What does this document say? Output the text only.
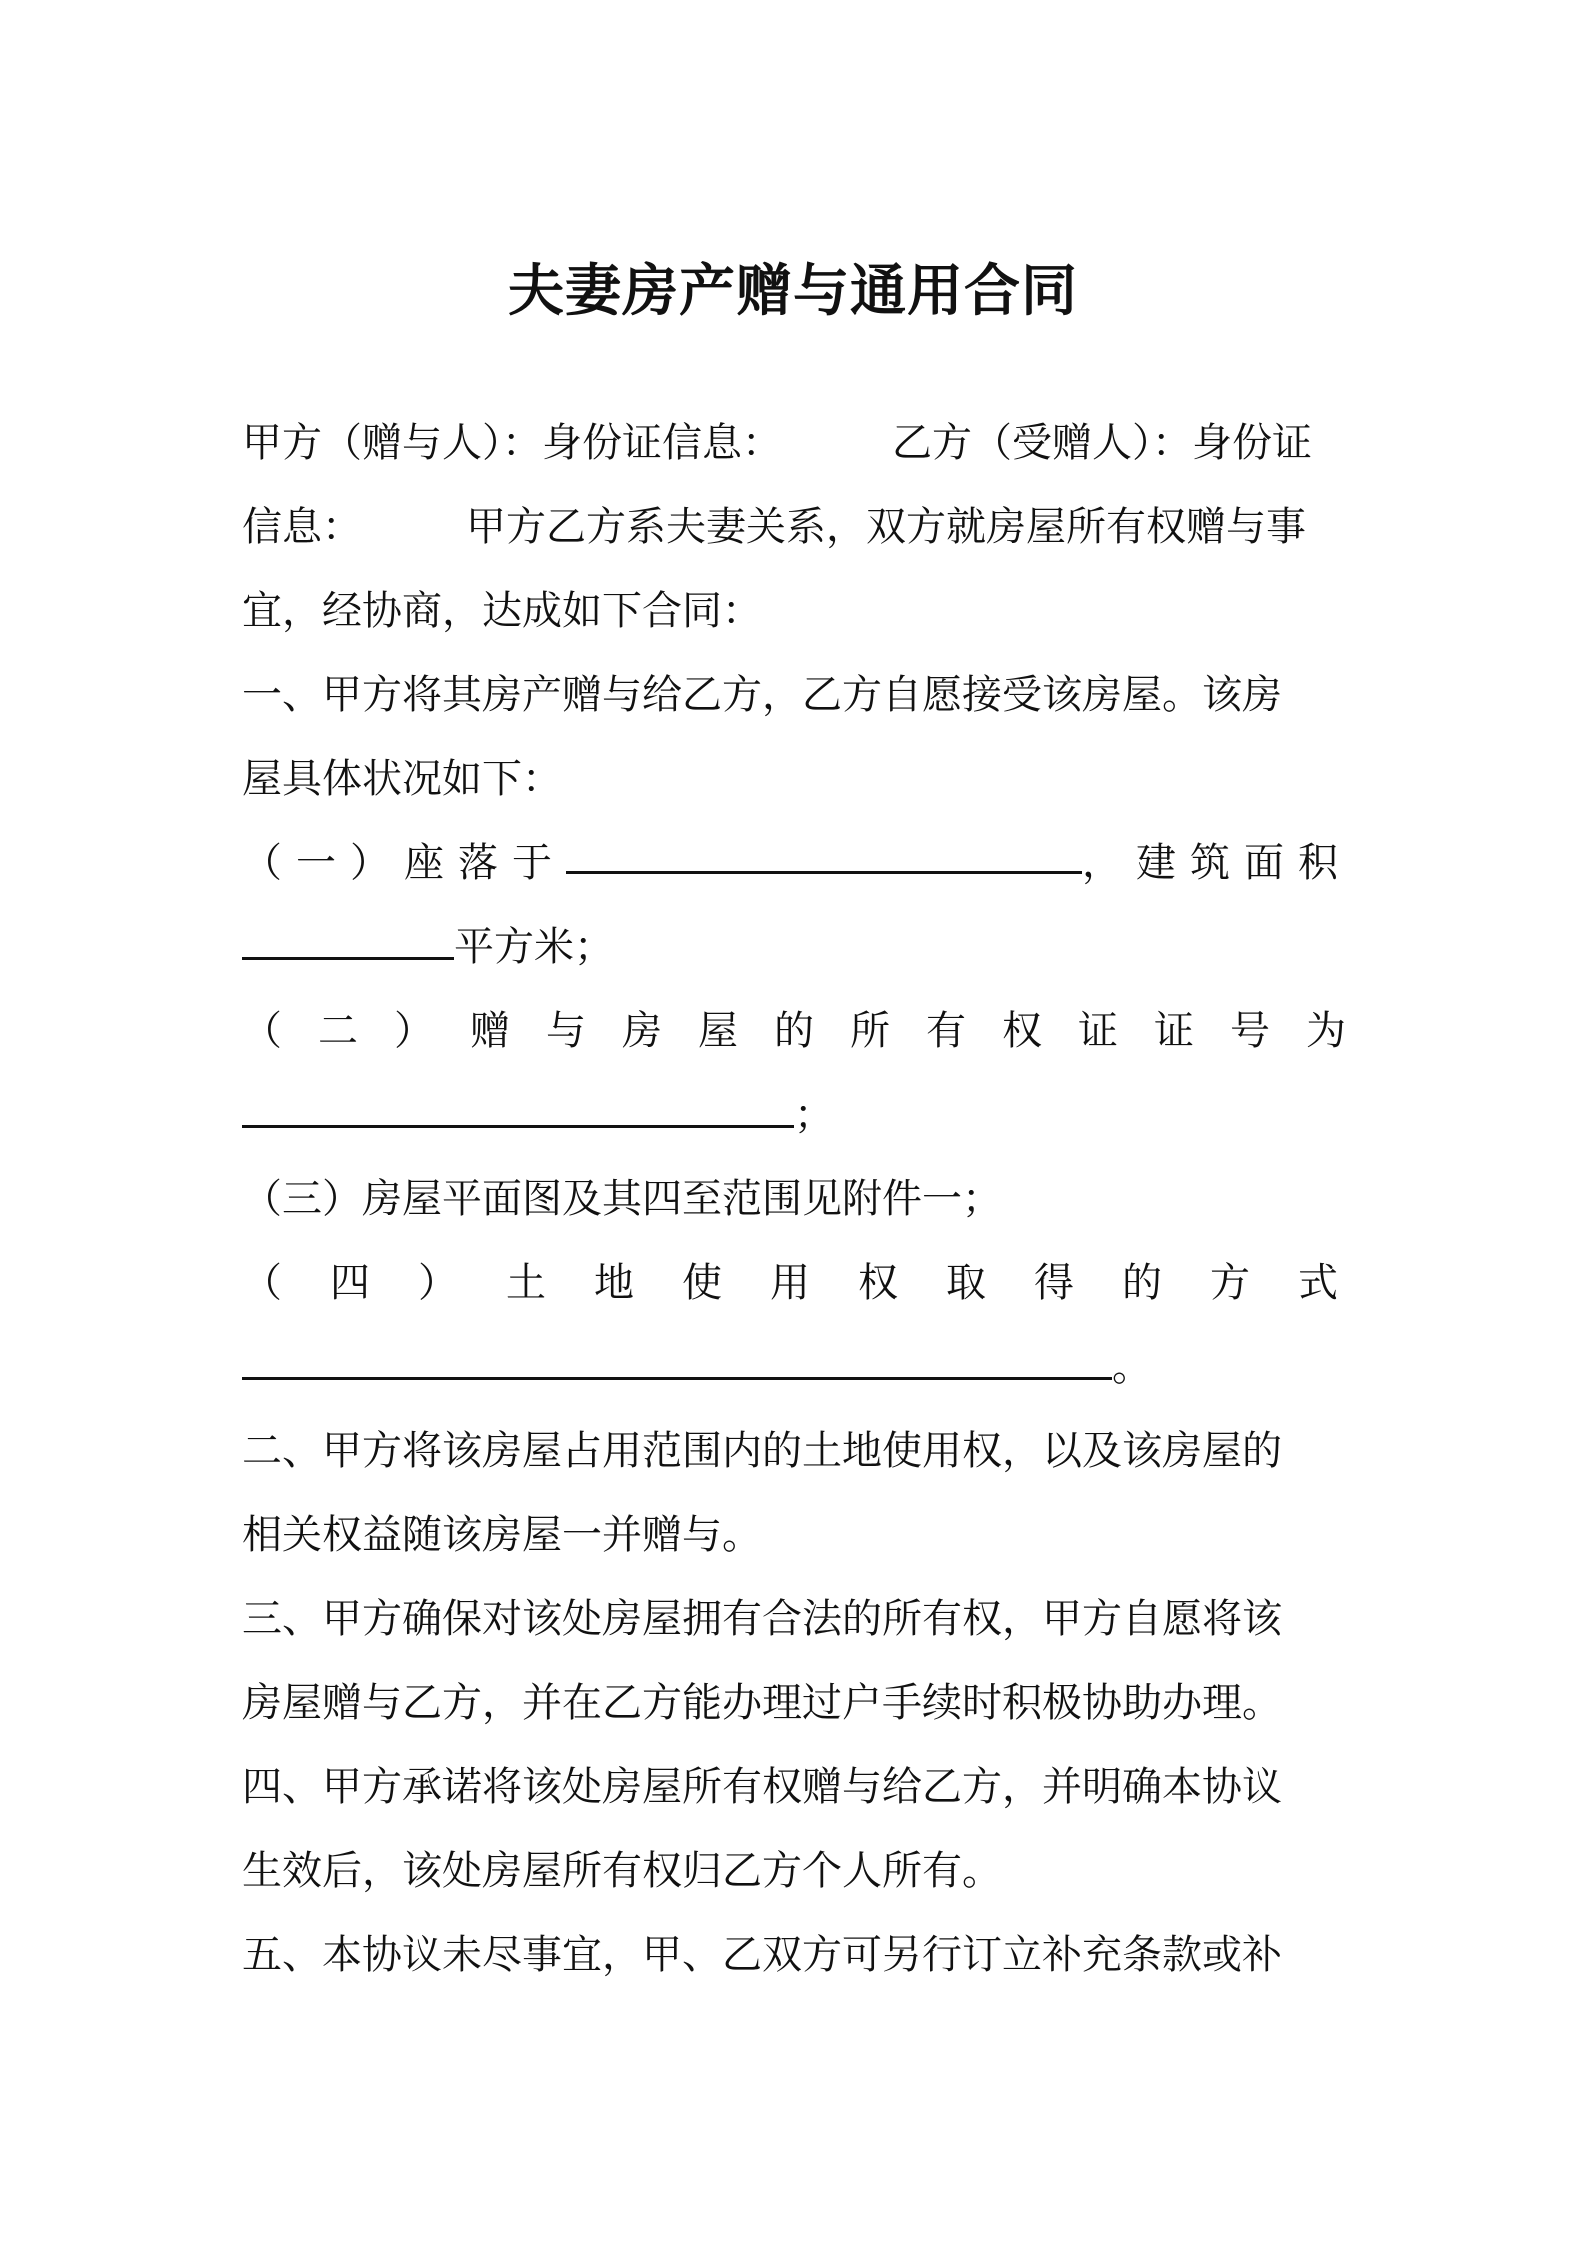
夫妻房产赠与通用合同
甲方（赠与人）：身份证信息：	乙方（受赠人）：身份证
信息：	甲方乙方系夫妻关系，双方就房屋所有权赠与事
宜，经协商，达成如下合同：
一、甲方将其房产赠与给乙方，乙方自愿接受该房屋。该房
屋具体状况如下：
（一）座落于	，建筑面积
平方米；
（二）赠与房屋的所有权证证号为
；
（三）房屋平面图及其四至范围见附件一；
（四）土地使用权取得的方式
。
二、甲方将该房屋占用范围内的土地使用权，以及该房屋的
相关权益随该房屋一并赠与。
三、甲方确保对该处房屋拥有合法的所有权，甲方自愿将该
房屋赠与乙方，并在乙方能办理过户手续时积极协助办理。
四、甲方承诺将该处房屋所有权赠与给乙方，并明确本协议
生效后，该处房屋所有权归乙方个人所有。
五、本协议未尽事宜，甲、乙双方可另行订立补充条款或补
